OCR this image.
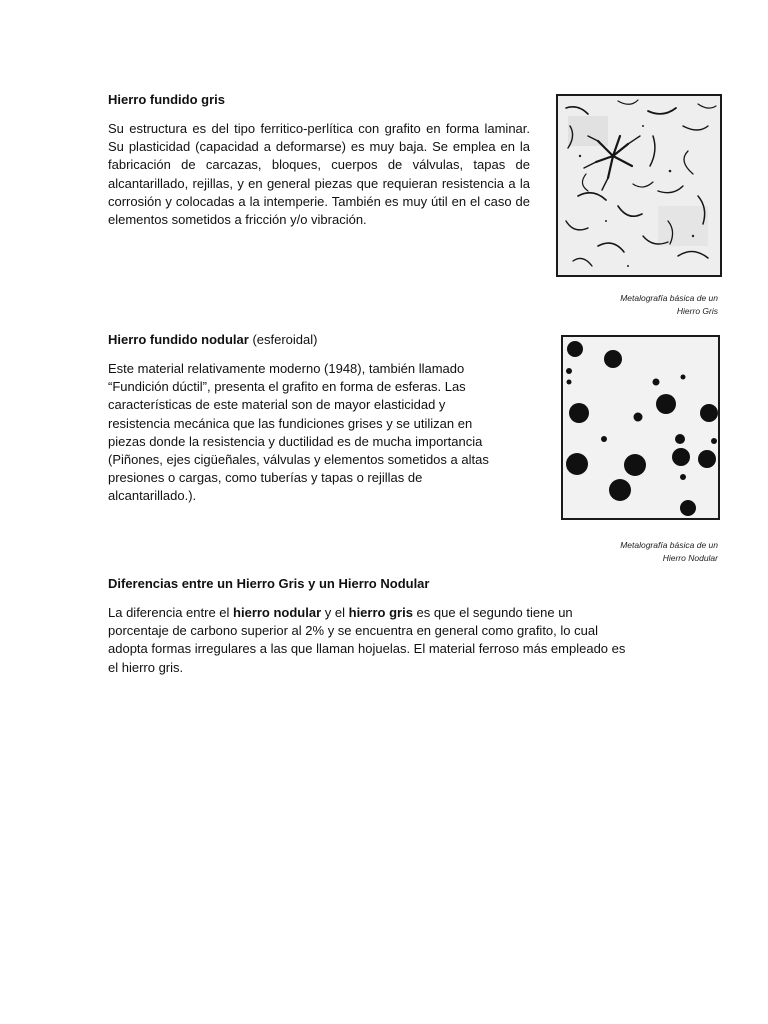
Hierro fundido gris

Su estructura es del tipo ferritico-perlítica con grafito en forma laminar. Su plasticidad (capacidad a deformarse) es muy baja. Se emplea en la fabricación de carcazas, bloques, cuerpos de válvulas, tapas de alcantarillado, rejillas, y en general piezas que requieran resistencia a la corrosión y colocadas a la intemperie. También es muy útil en el caso de elementos sometidos a fricción y/o vibración.

Metalografía básica de un
Hierro Gris

Hierro fundido nodular (esferoidal)

Este material relativamente moderno (1948), también llamado
“Fundición dúctil”, presenta el grafito en forma de esferas. Las
características de este material son de mayor elasticidad y
resistencia mecánica que las fundiciones grises y se utilizan en
piezas donde la resistencia y ductilidad es de mucha importancia
(Piñones, ejes cigüeñales, válvulas y elementos sometidos a altas
presiones o cargas, como tuberías y tapas o rejillas de
alcantarillado.).
Metalografía básica de un
Hierro Nodular

Diferencias entre un Hierro Gris y un Hierro Nodular

La diferencia entre el hierro nodular y el hierro gris es que el segundo tiene un
porcentaje de carbono superior al 2% y se encuentra en general como grafito, lo cual
adopta formas irregulares a las que llaman hojuelas. El material ferroso más empleado es
el hierro gris.
